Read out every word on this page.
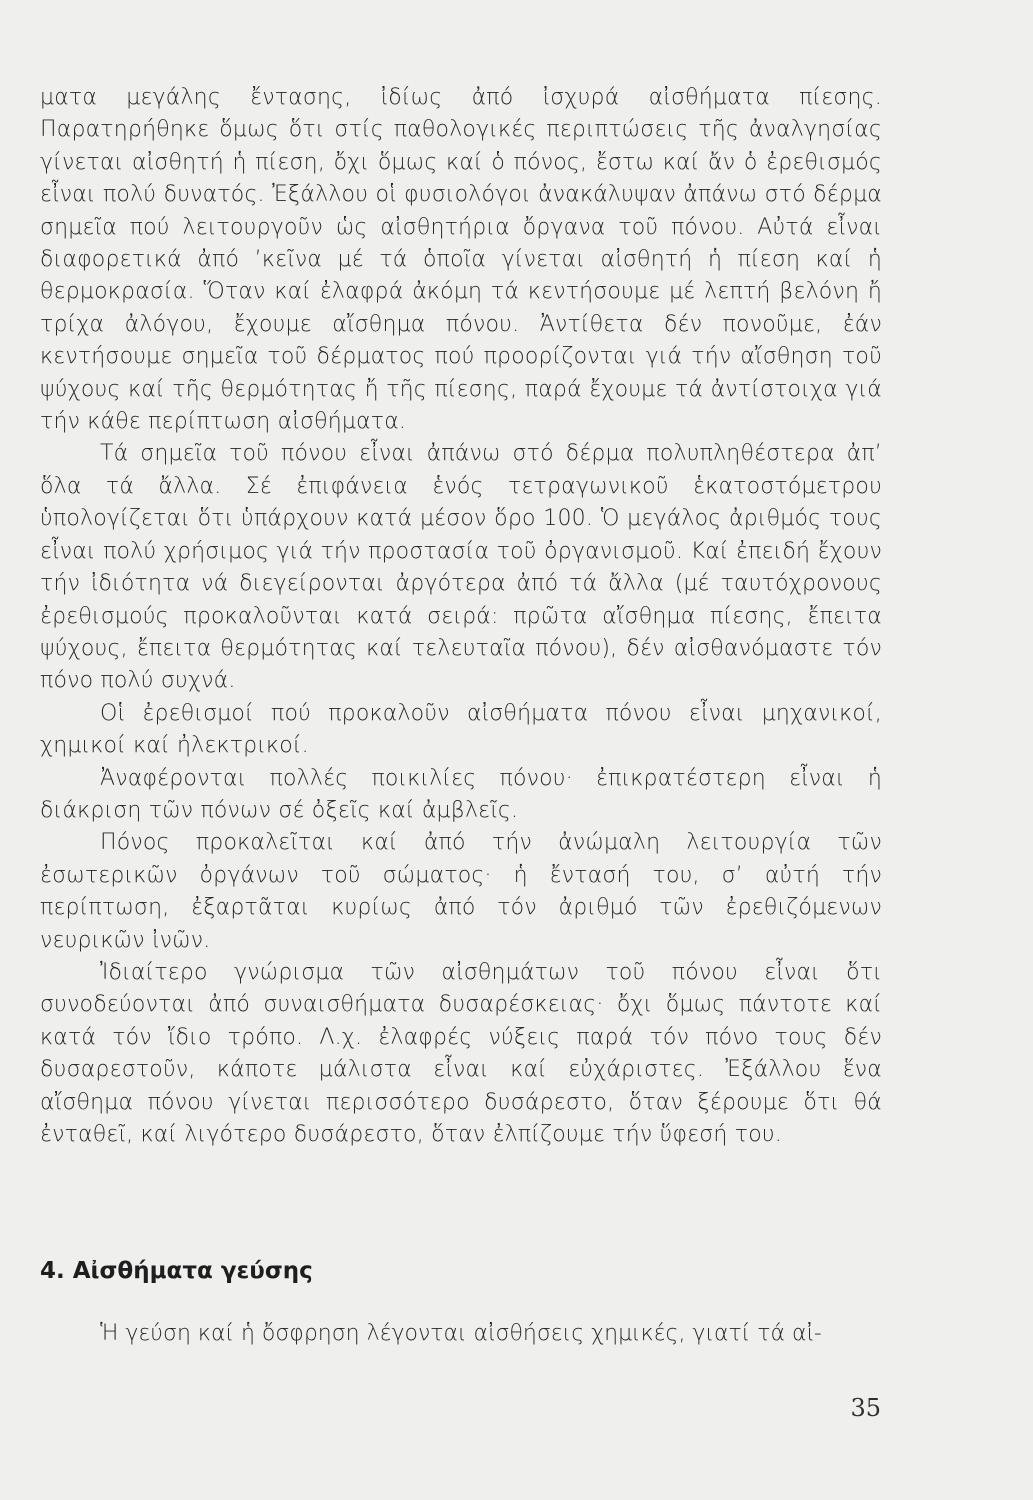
ματα μεγάλης ἔντασης, ἰδίως ἀπό ἰσχυρά αἰσθήματα πίεσης. Παρατηρήθηκε ὅμως ὅτι στίς παθολογικές περιπτώσεις τῆς ἀναλγησίας γίνεται αἰσθητή ἡ πίεση, ὄχι ὅμως καί ὁ πόνος, ἔστω καί ἄν ὁ ἐρεθισμός εἶναι πολύ δυνατός. Ἐξάλλου οἱ φυσιολόγοι ἀνακάλυψαν ἀπάνω στό δέρμα σημεῖα πού λειτουργοῦν ὡς αἰσθητήρια ὄργανα τοῦ πόνου. Αὐτά εἶναι διαφορετικά ἀπό ’κεῖνα μέ τά ὁποῖα γίνεται αἰσθητή ἡ πίεση καί ἡ θερμοκρασία. Ὅταν καί ἐλαφρά ἀκόμη τά κεντήσουμε μέ λεπτή βελόνη ἤ τρίχα ἀλόγου, ἔχουμε αἴσθημα πόνου. Ἀντίθετα δέν πονοῦμε, ἐάν κεντήσουμε σημεῖα τοῦ δέρματος πού προορίζονται γιά τήν αἴσθηση τοῦ ψύχους καί τῆς θερμότητας ἤ τῆς πίεσης, παρά ἔχουμε τά ἀντίστοιχα γιά τήν κάθε περίπτωση αἰσθήματα.

Τά σημεῖα τοῦ πόνου εἶναι ἀπάνω στό δέρμα πολυπληθέστερα ἀπ’ ὅλα τά ἄλλα. Σέ ἐπιφάνεια ἑνός τετραγωνικοῦ ἑκατοστόμετρου ὑπολογίζεται ὅτι ὑπάρχουν κατά μέσον ὅρο 100. Ὁ μεγάλος ἀριθμός τους εἶναι πολύ χρήσιμος γιά τήν προστασία τοῦ ὀργανισμοῦ. Καί ἐπειδή ἔχουν τήν ἰδιότητα νά διεγείρονται ἀργότερα ἀπό τά ἄλλα (μέ ταυτόχρονους ἐρεθισμούς προκαλοῦνται κατά σειρά: πρῶτα αἴσθημα πίεσης, ἔπειτα ψύχους, ἔπειτα θερμότητας καί τελευταῖα πόνου), δέν αἰσθανόμαστε τόν πόνο πολύ συχνά.

Οἱ ἐρεθισμοί πού προκαλοῦν αἰσθήματα πόνου εἶναι μηχανικοί, χημικοί καί ἠλεκτρικοί.

Ἀναφέρονται πολλές ποικιλίες πόνου· ἐπικρατέστερη εἶναι ἡ διάκριση τῶν πόνων σέ ὀξεῖς καί ἀμβλεῖς.

Πόνος προκαλεῖται καί ἀπό τήν ἀνώμαλη λειτουργία τῶν ἐσωτερικῶν ὀργάνων τοῦ σώματος· ἡ ἔντασή του, σ’ αὐτή τήν περίπτωση, ἐξαρτᾶται κυρίως ἀπό τόν ἀριθμό τῶν ἐρεθιζόμενων νευρικῶν ἰνῶν.

Ἰδιαίτερο γνώρισμα τῶν αἰσθημάτων τοῦ πόνου εἶναι ὅτι συνοδεύονται ἀπό συναισθήματα δυσαρέσκειας· ὄχι ὅμως πάντοτε καί κατά τόν ἴδιο τρόπο. Λ.χ. ἐλαφρές νύξεις παρά τόν πόνο τους δέν δυσαρεστοῦν, κάποτε μάλιστα εἶναι καί εὐχάριστες. Ἐξάλλου ἕνα αἴσθημα πόνου γίνεται περισσότερο δυσάρεστο, ὅταν ξέρουμε ὅτι θά ἐνταθεῖ, καί λιγότερο δυσάρεστο, ὅταν ἐλπίζουμε τήν ὕφεσή του.

4. Αἰσθήματα γεύσης

Ἡ γεύση καί ἡ ὄσφρηση λέγονται αἰσθήσεις χημικές, γιατί τά αἰ-

35
